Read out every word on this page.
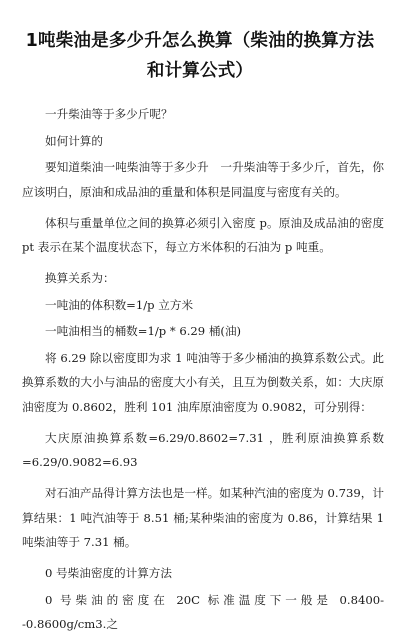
1吨柴油是多少升怎么换算（柴油的换算方法和计算公式）

一升柴油等于多少斤呢？

如何计算的

要知道柴油一吨柴油等于多少升　一升柴油等于多少斤，首先，你应该明白，原油和成品油的重量和体积是同温度与密度有关的。

体积与重量单位之间的换算必须引入密度 p。原油及成品油的密度 pt 表示在某个温度状态下，每立方米体积的石油为 p 吨重。

换算关系为：

一吨油的体积数=1/p 立方米

一吨油相当的桶数=1/p * 6.29 桶(油)

将 6.29 除以密度即为求 1 吨油等于多少桶油的换算系数公式。此换算系数的大小与油品的密度大小有关，且互为倒数关系，如：大庆原油密度为 0.8602，胜利 101 油库原油密度为 0.9082，可分别得：

大庆原油换算系数=6.29/0.8602=7.31 ，胜利原油换算系数=6.29/0.9082=6.93

对石油产品得计算方法也是一样。如某种汽油的密度为 0.739，计算结果：1 吨汽油等于 8.51 桶;某种柴油的密度为 0.86，计算结果 1 吨柴油等于 7.31 桶。

0 号柴油密度的计算方法

0 号柴油的密度在 20C 标准温度下一般是 0.8400--0.8600g/cm3.之
